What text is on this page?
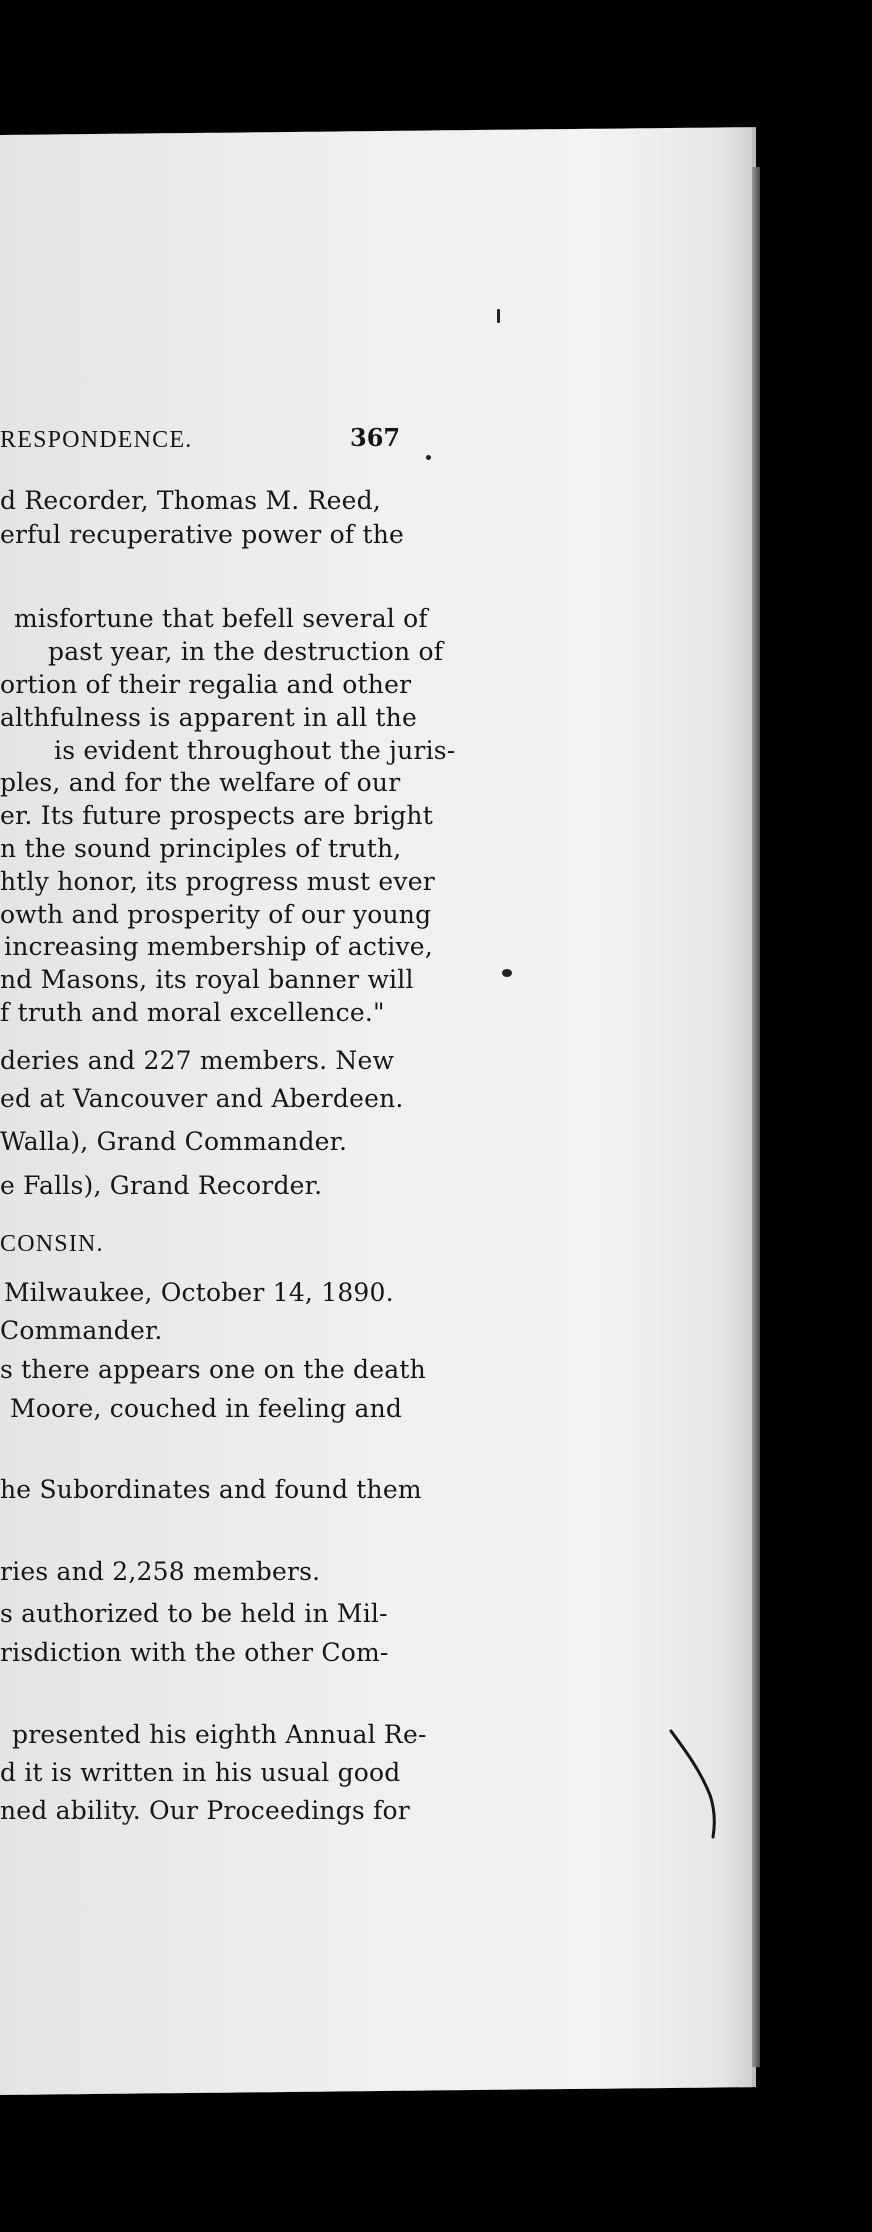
RESPONDENCE.	367
d Recorder, Thomas M. Reed,
erful recuperative power of the
misfortune that befell several of
past year, in the destruction of
ortion of their regalia and other
althfulness is apparent in all the
is evident throughout the juris-
ples, and for the welfare of our
er. Its future prospects are bright
n the sound principles of truth,
htly honor, its progress must ever
owth and prosperity of our young
increasing membership of active,
nd Masons, its royal banner will
f truth and moral excellence."
deries and 227 members. New
ed at Vancouver and Aberdeen.
Walla), Grand Commander.
e Falls), Grand Recorder.
CONSIN.
Milwaukee, October 14, 1890.
Commander.
s there appears one on the death
Moore, couched in feeling and
he Subordinates and found them
ries and 2,258 members.
s authorized to be held in Mil-
risdiction with the other Com-
presented his eighth Annual Re-
d it is written in his usual good
ned ability. Our Proceedings for
